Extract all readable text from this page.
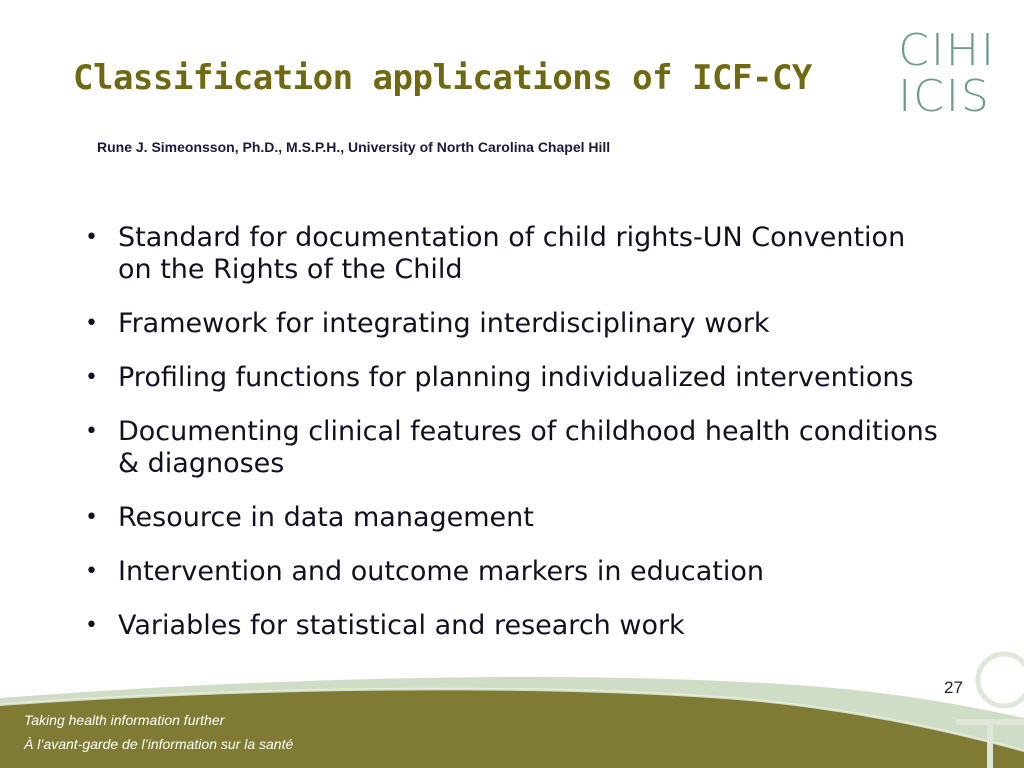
Classification applications of ICF-CY
Rune J. Simeonsson, Ph.D., M.S.P.H., University of North Carolina Chapel Hill
CIHI
ICIS
• Standard for documentation of child rights-UN Convention on the Rights of the Child
• Framework for integrating interdisciplinary work
• Profiling functions for planning individualized interventions
• Documenting clinical features of childhood health conditions & diagnoses
• Resource in data management
• Intervention and outcome markers in education
• Variables for statistical and research work
27
Taking health information further
À l’avant-garde de l’information sur la santé
